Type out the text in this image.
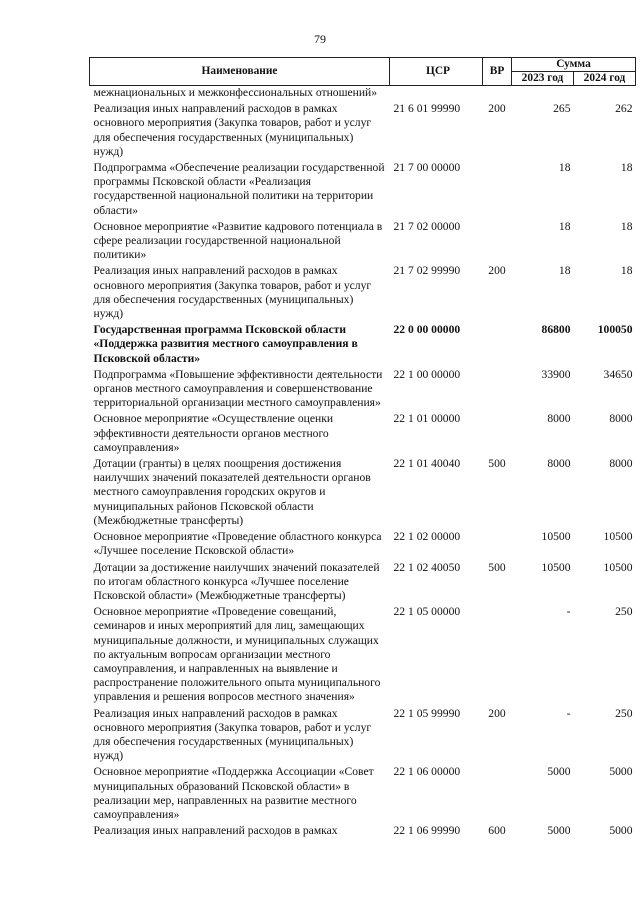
79
Наименование	ЦСР	ВР	Сумма	
			2023 год	2024 год
межнациональных и межконфессиональных отношений»				
Реализация иных направлений расходов в рамках основного мероприятия (Закупка товаров, работ и услуг для обеспечения государственных (муниципальных) нужд)	21 6 01 99990	200	265	262
Подпрограмма «Обеспечение реализации государственной программы Псковской области «Реализация государственной национальной политики на территории области»	21 7 00 00000		18	18
Основное мероприятие «Развитие кадрового потенциала в сфере реализации государственной национальной политики»	21 7 02 00000		18	18
Реализация иных направлений расходов в рамках основного мероприятия (Закупка товаров, работ и услуг для обеспечения государственных (муниципальных) нужд)	21 7 02 99990	200	18	18
Государственная программа Псковской области «Поддержка развития местного самоуправления в Псковской области»	22 0 00 00000		86800	100050
Подпрограмма «Повышение эффективности деятельности органов местного самоуправления и совершенствование территориальной организации местного самоуправления»	22 1 00 00000		33900	34650
Основное мероприятие «Осуществление оценки эффективности деятельности органов местного самоуправления»	22 1 01 00000		8000	8000
Дотации (гранты) в целях поощрения достижения наилучших значений показателей деятельности органов местного самоуправления городских округов и муниципальных районов Псковской области (Межбюджетные трансферты)	22 1 01 40040	500	8000	8000
Основное мероприятие «Проведение областного конкурса «Лучшее поселение Псковской области»	22 1 02 00000		10500	10500
Дотации за достижение наилучших значений показателей по итогам областного конкурса «Лучшее поселение Псковской области» (Межбюджетные трансферты)	22 1 02 40050	500	10500	10500
Основное мероприятие «Проведение совещаний, семинаров и иных мероприятий для лиц, замещающих муниципальные должности, и муниципальных служащих по актуальным вопросам организации местного самоуправления, и направленных на выявление и распространение положительного опыта муниципального управления и решения вопросов местного значения»	22 1 05 00000		-	250
Реализация иных направлений расходов в рамках основного мероприятия (Закупка товаров, работ и услуг для обеспечения государственных (муниципальных) нужд)	22 1 05 99990	200	-	250
Основное мероприятие «Поддержка Ассоциации «Совет муниципальных образований Псковской области» в реализации мер, направленных на развитие местного самоуправления»	22 1 06 00000		5000	5000
Реализация иных направлений расходов в рамках	22 1 06 99990	600	5000	5000
